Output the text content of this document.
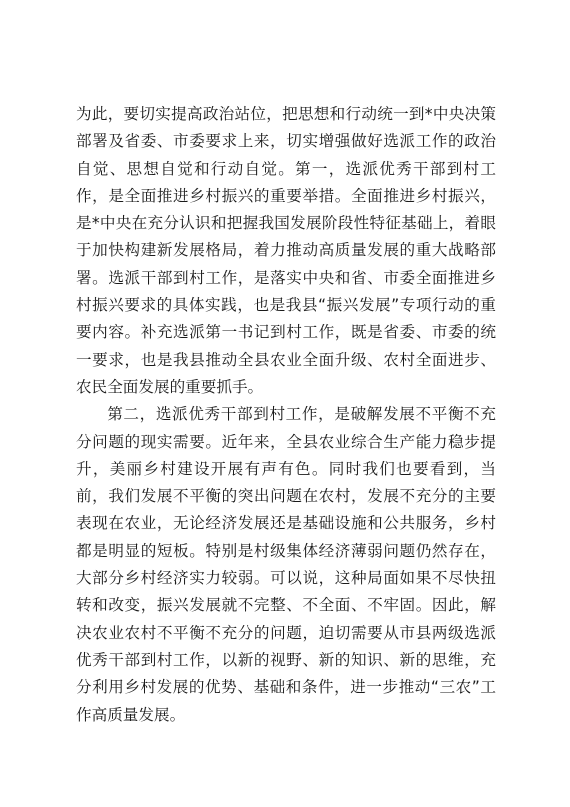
为此，要切实提高政治站位，把思想和行动统一到*中央决策部署及省委、市委要求上来，切实增强做好选派工作的政治自觉、思想自觉和行动自觉。第一，选派优秀干部到村工作，是全面推进乡村振兴的重要举措。全面推进乡村振兴，是*中央在充分认识和把握我国发展阶段性特征基础上，着眼于加快构建新发展格局，着力推动高质量发展的重大战略部署。选派干部到村工作，是落实中央和省、市委全面推进乡村振兴要求的具体实践，也是我县“振兴发展”专项行动的重要内容。补充选派第一书记到村工作，既是省委、市委的统一要求，也是我县推动全县农业全面升级、农村全面进步、农民全面发展的重要抓手。

第二，选派优秀干部到村工作，是破解发展不平衡不充分问题的现实需要。近年来，全县农业综合生产能力稳步提升，美丽乡村建设开展有声有色。同时我们也要看到，当前，我们发展不平衡的突出问题在农村，发展不充分的主要表现在农业，无论经济发展还是基础设施和公共服务，乡村都是明显的短板。特别是村级集体经济薄弱问题仍然存在，大部分乡村经济实力较弱。可以说，这种局面如果不尽快扭转和改变，振兴发展就不完整、不全面、不牢固。因此，解决农业农村不平衡不充分的问题，迫切需要从市县两级选派优秀干部到村工作，以新的视野、新的知识、新的思维，充分利用乡村发展的优势、基础和条件，进一步推动“三农”工作高质量发展。
